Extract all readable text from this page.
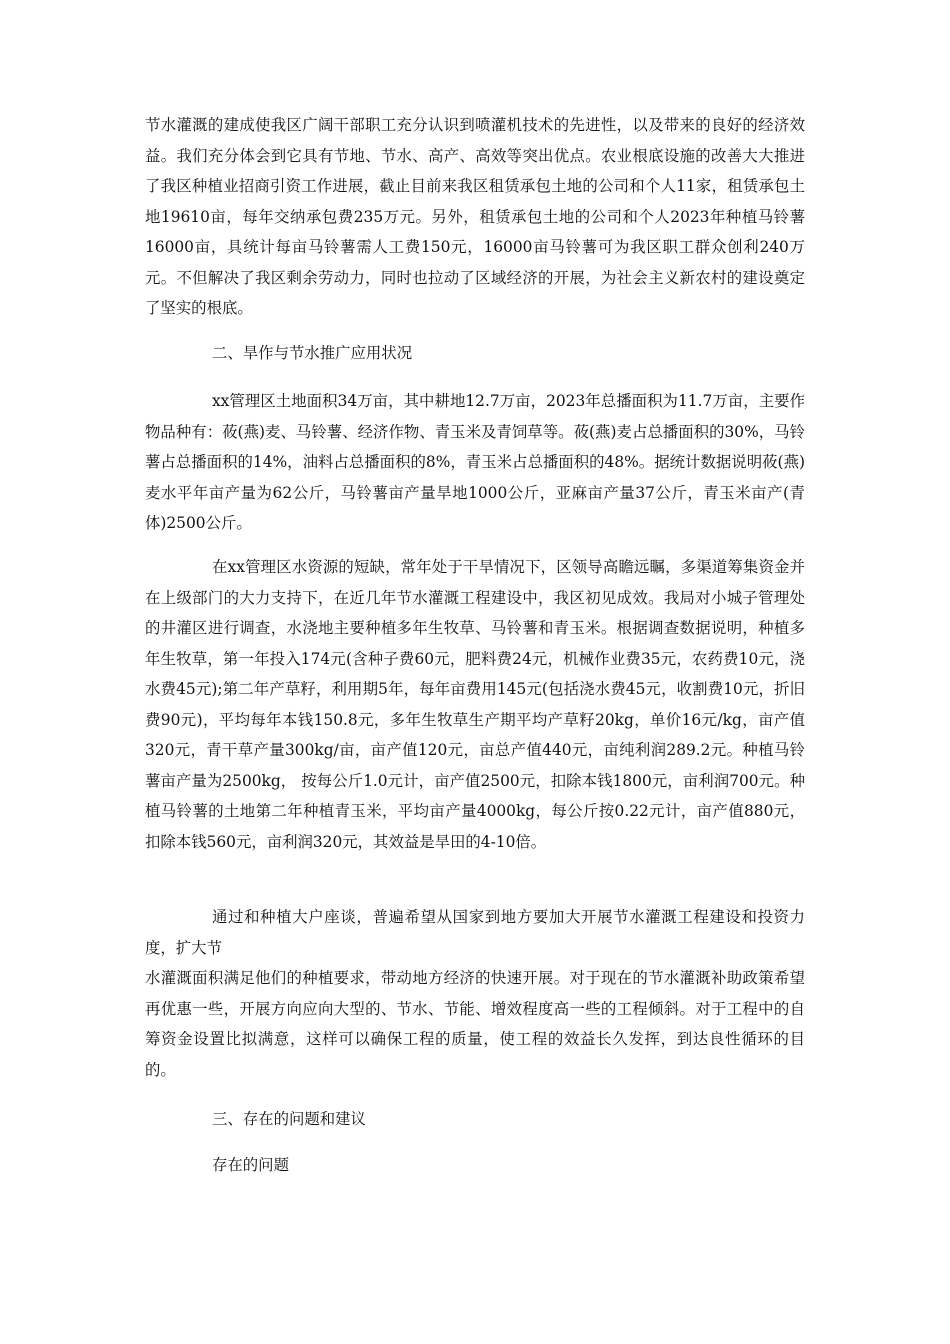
节水灌溉的建成使我区广阔干部职工充分认识到喷灌机技术的先进性，以及带来的良好的经济效益。我们充分体会到它具有节地、节水、高产、高效等突出优点。农业根底设施的改善大大推进了我区种植业招商引资工作进展，截止目前来我区租赁承包土地的公司和个人11家，租赁承包土地19610亩，每年交纳承包费235万元。另外，租赁承包土地的公司和个人2023年种植马铃薯16000亩，具统计每亩马铃薯需人工费150元，16000亩马铃薯可为我区职工群众创利240万元。不但解决了我区剩余劳动力，同时也拉动了区域经济的开展，为社会主义新农村的建设奠定了坚实的根底。

二、旱作与节水推广应用状况

xx管理区土地面积34万亩，其中耕地12.7万亩，2023年总播面积为11.7万亩，主要作物品种有：莜(燕)麦、马铃薯、经济作物、青玉米及青饲草等。莜(燕)麦占总播面积的30%，马铃薯占总播面积的14%，油料占总播面积的8%，青玉米占总播面积的48%。据统计数据说明莜(燕)麦水平年亩产量为62公斤，马铃薯亩产量旱地1000公斤，亚麻亩产量37公斤，青玉米亩产(青体)2500公斤。

在xx管理区水资源的短缺，常年处于干旱情况下，区领导高瞻远瞩，多渠道筹集资金并在上级部门的大力支持下，在近几年节水灌溉工程建设中，我区初见成效。我局对小城子管理处的井灌区进行调查，水浇地主要种植多年生牧草、马铃薯和青玉米。根据调查数据说明，种植多年生牧草，第一年投入174元(含种子费60元，肥料费24元，机械作业费35元，农药费10元，浇水费45元);第二年产草籽，利用期5年，每年亩费用145元(包括浇水费45元，收割费10元，折旧费90元)，平均每年本钱150.8元，多年生牧草生产期平均产草籽20kg，单价16元/kg，亩产值320元，青干草产量300kg/亩，亩产值120元，亩总产值440元，亩纯利润289.2元。种植马铃薯亩产量为2500kg， 按每公斤1.0元计，亩产值2500元，扣除本钱1800元，亩利润700元。种植马铃薯的土地第二年种植青玉米，平均亩产量4000kg，每公斤按0.22元计，亩产值880元，扣除本钱560元，亩利润320元，其效益是旱田的4-10倍。

通过和种植大户座谈，普遍希望从国家到地方要加大开展节水灌溉工程建设和投资力度，扩大节

水灌溉面积满足他们的种植要求，带动地方经济的快速开展。对于现在的节水灌溉补助政策希望再优惠一些，开展方向应向大型的、节水、节能、增效程度高一些的工程倾斜。对于工程中的自筹资金设置比拟满意，这样可以确保工程的质量，使工程的效益长久发挥，到达良性循环的目的。

三、存在的问题和建议

存在的问题
